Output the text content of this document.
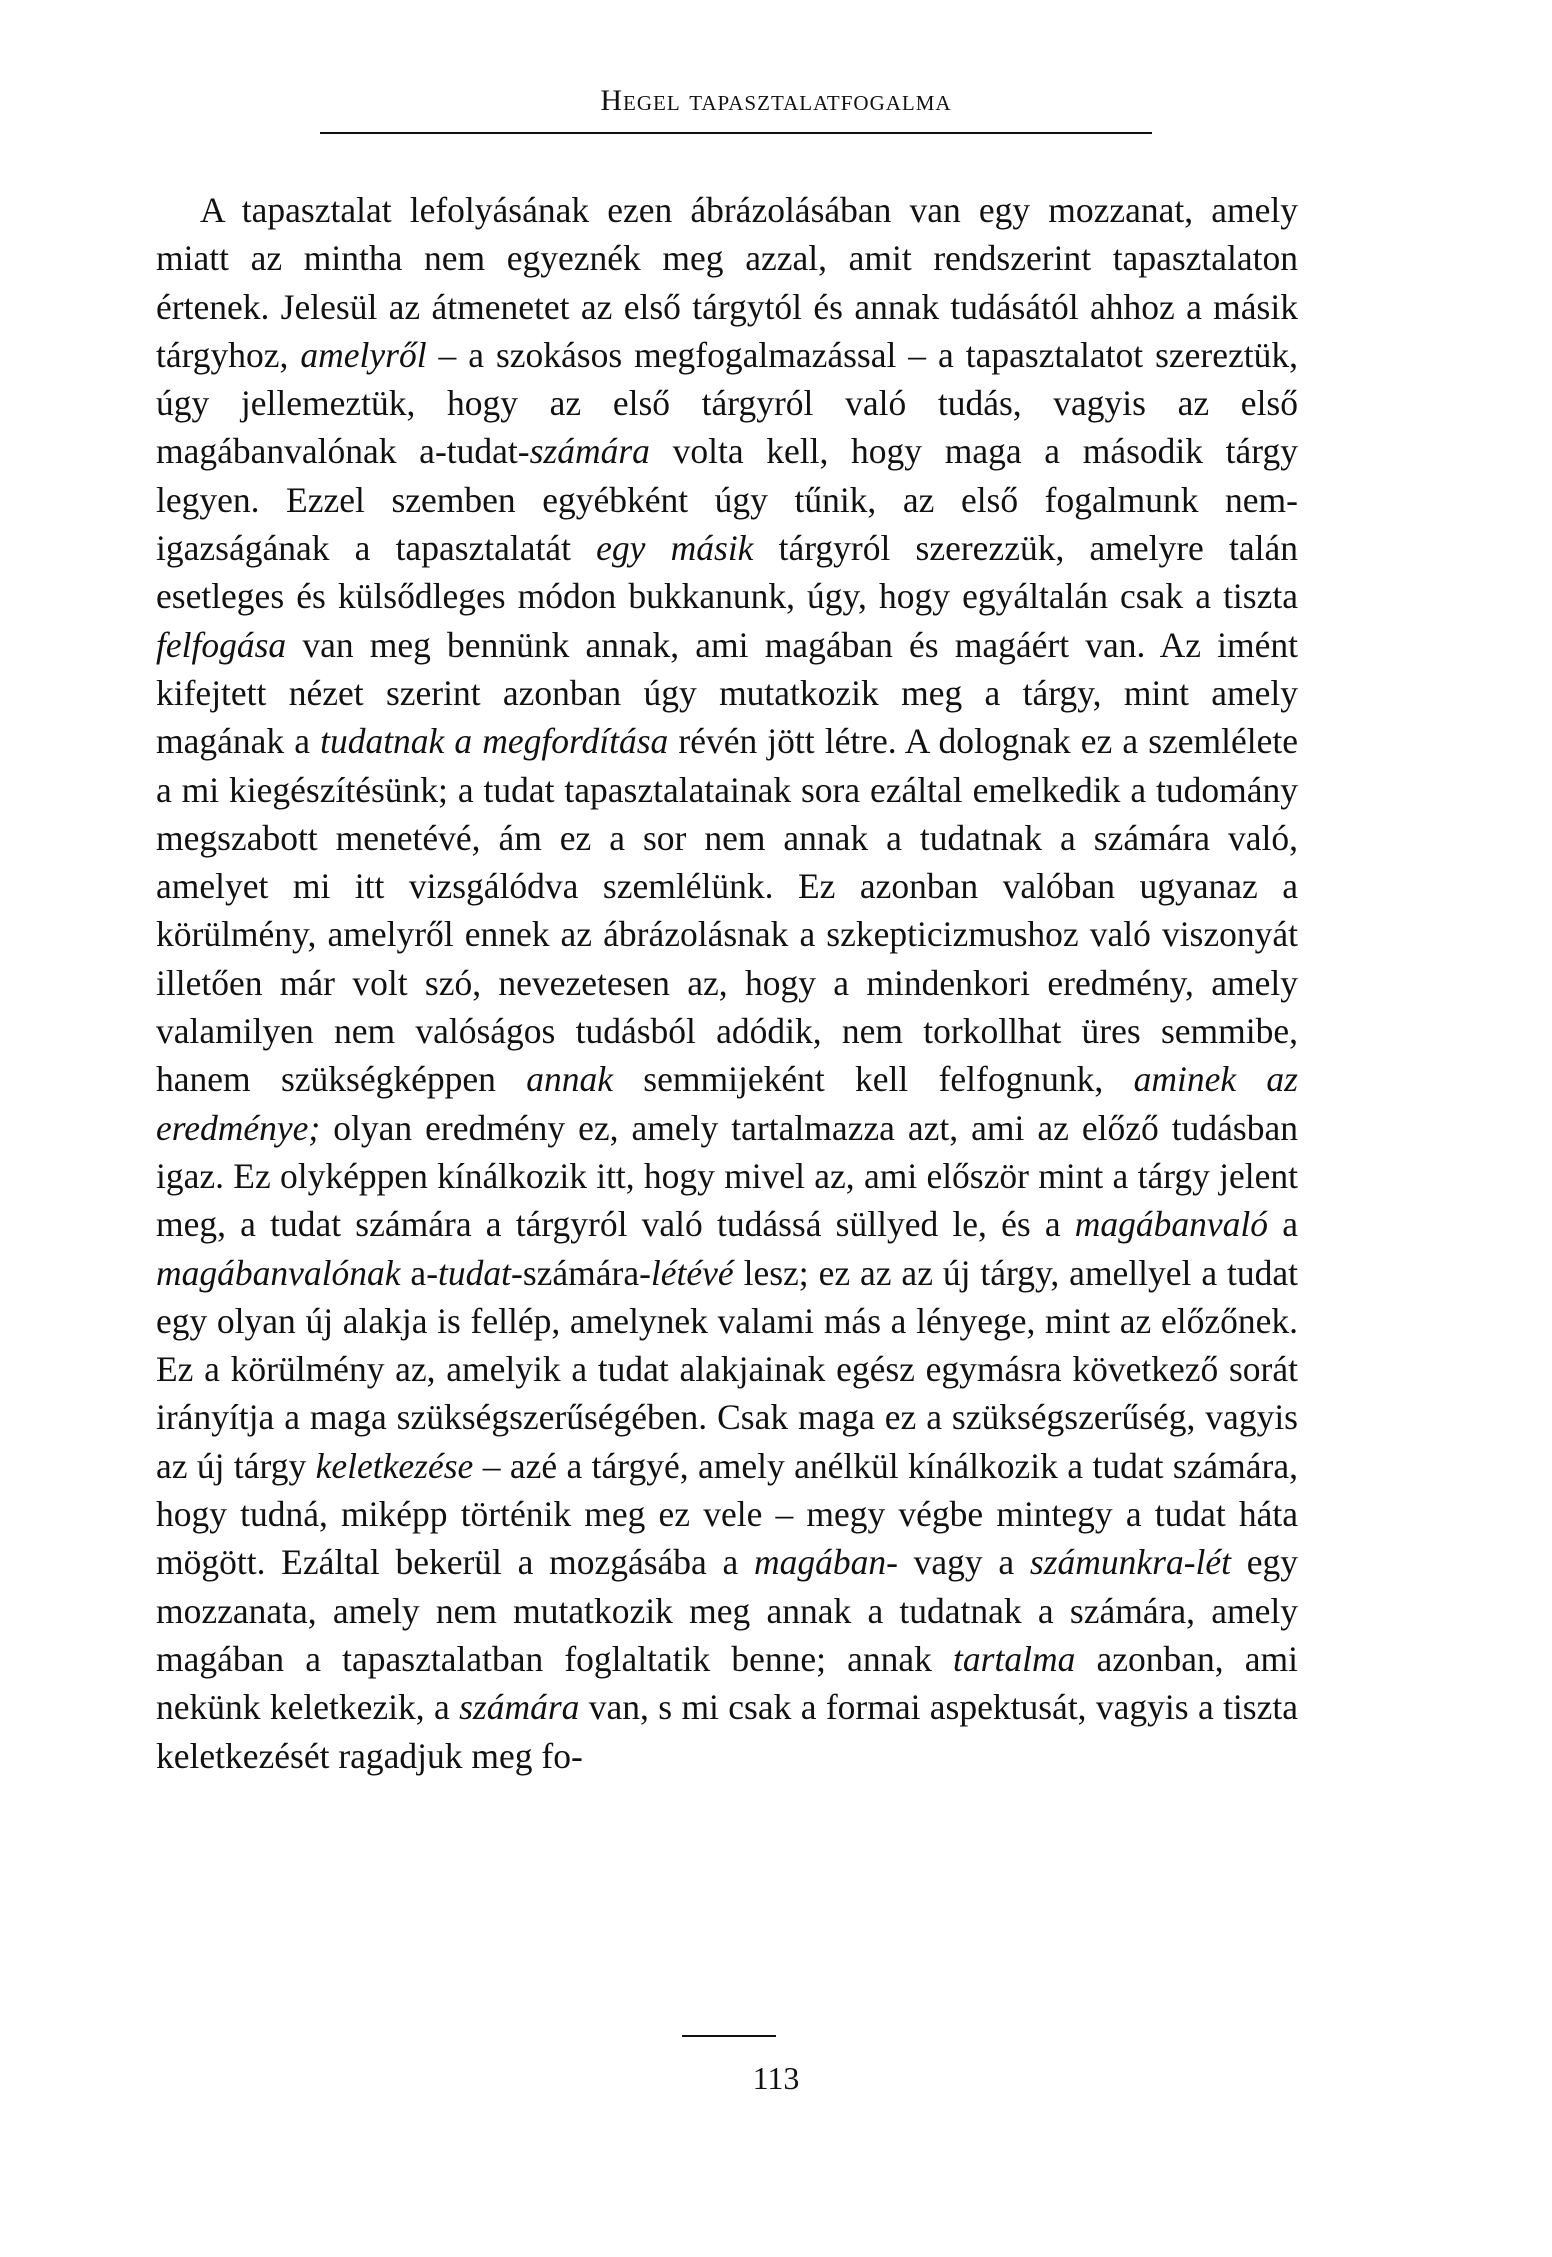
Hegel tapasztalatfogalma

A tapasztalat lefolyásának ezen ábrázolásában van egy mozzanat, amely miatt az mintha nem egyeznék meg azzal, amit rendszerint tapasztalaton értenek. Jelesül az átmenetet az első tárgytól és annak tudásától ahhoz a másik tárgyhoz, amelyről – a szokásos megfogalmazással – a tapasztalatot szereztük, úgy jellemeztük, hogy az első tárgyról való tudás, vagyis az első magábanvalónak a-tudat-számára volta kell, hogy maga a második tárgy legyen. Ezzel szemben egyébként úgy tűnik, az első fogalmunk nem-igazságának a tapasztalatát egy másik tárgyról szerezzük, amelyre talán esetleges és külsődleges módon bukkanunk, úgy, hogy egyáltalán csak a tiszta felfogása van meg bennünk annak, ami magában és magáért van. Az imént kifejtett nézet szerint azonban úgy mutatkozik meg a tárgy, mint amely magának a tudatnak a megfordítása révén jött létre. A dolognak ez a szemlélete a mi kiegészítésünk; a tudat tapasztalatainak sora ezáltal emelkedik a tudomány megszabott menetévé, ám ez a sor nem annak a tudatnak a számára való, amelyet mi itt vizsgálódva szemlélünk. Ez azonban valóban ugyanaz a körülmény, amelyről ennek az ábrázolásnak a szkepticizmushoz való viszonyát illetően már volt szó, nevezetesen az, hogy a mindenkori eredmény, amely valamilyen nem valóságos tudásból adódik, nem torkollhat üres semmibe, hanem szükségképpen annak semmijeként kell felfognunk, aminek az eredménye; olyan eredmény ez, amely tartalmazza azt, ami az előző tudásban igaz. Ez olyképpen kínálkozik itt, hogy mivel az, ami először mint a tárgy jelent meg, a tudat számára a tárgyról való tudássá süllyed le, és a magábanvaló a magábanvalónak a-tudat-számára-létévé lesz; ez az az új tárgy, amellyel a tudat egy olyan új alakja is fellép, amelynek valami más a lényege, mint az előzőnek. Ez a körülmény az, amelyik a tudat alakjainak egész egymásra következő sorát irányítja a maga szükségszerűségében. Csak maga ez a szükségszerűség, vagyis az új tárgy keletkezése – azé a tárgyé, amely anélkül kínálkozik a tudat számára, hogy tudná, miképp történik meg ez vele – megy végbe mintegy a tudat háta mögött. Ezáltal bekerül a mozgásába a magában- vagy a számunkra-lét egy mozzanata, amely nem mutatkozik meg annak a tudatnak a számára, amely magában a tapasztalatban foglaltatik benne; annak tartalma azonban, ami nekünk keletkezik, a számára van, s mi csak a formai aspektusát, vagyis a tiszta keletkezését ragadjuk meg fo-

113
